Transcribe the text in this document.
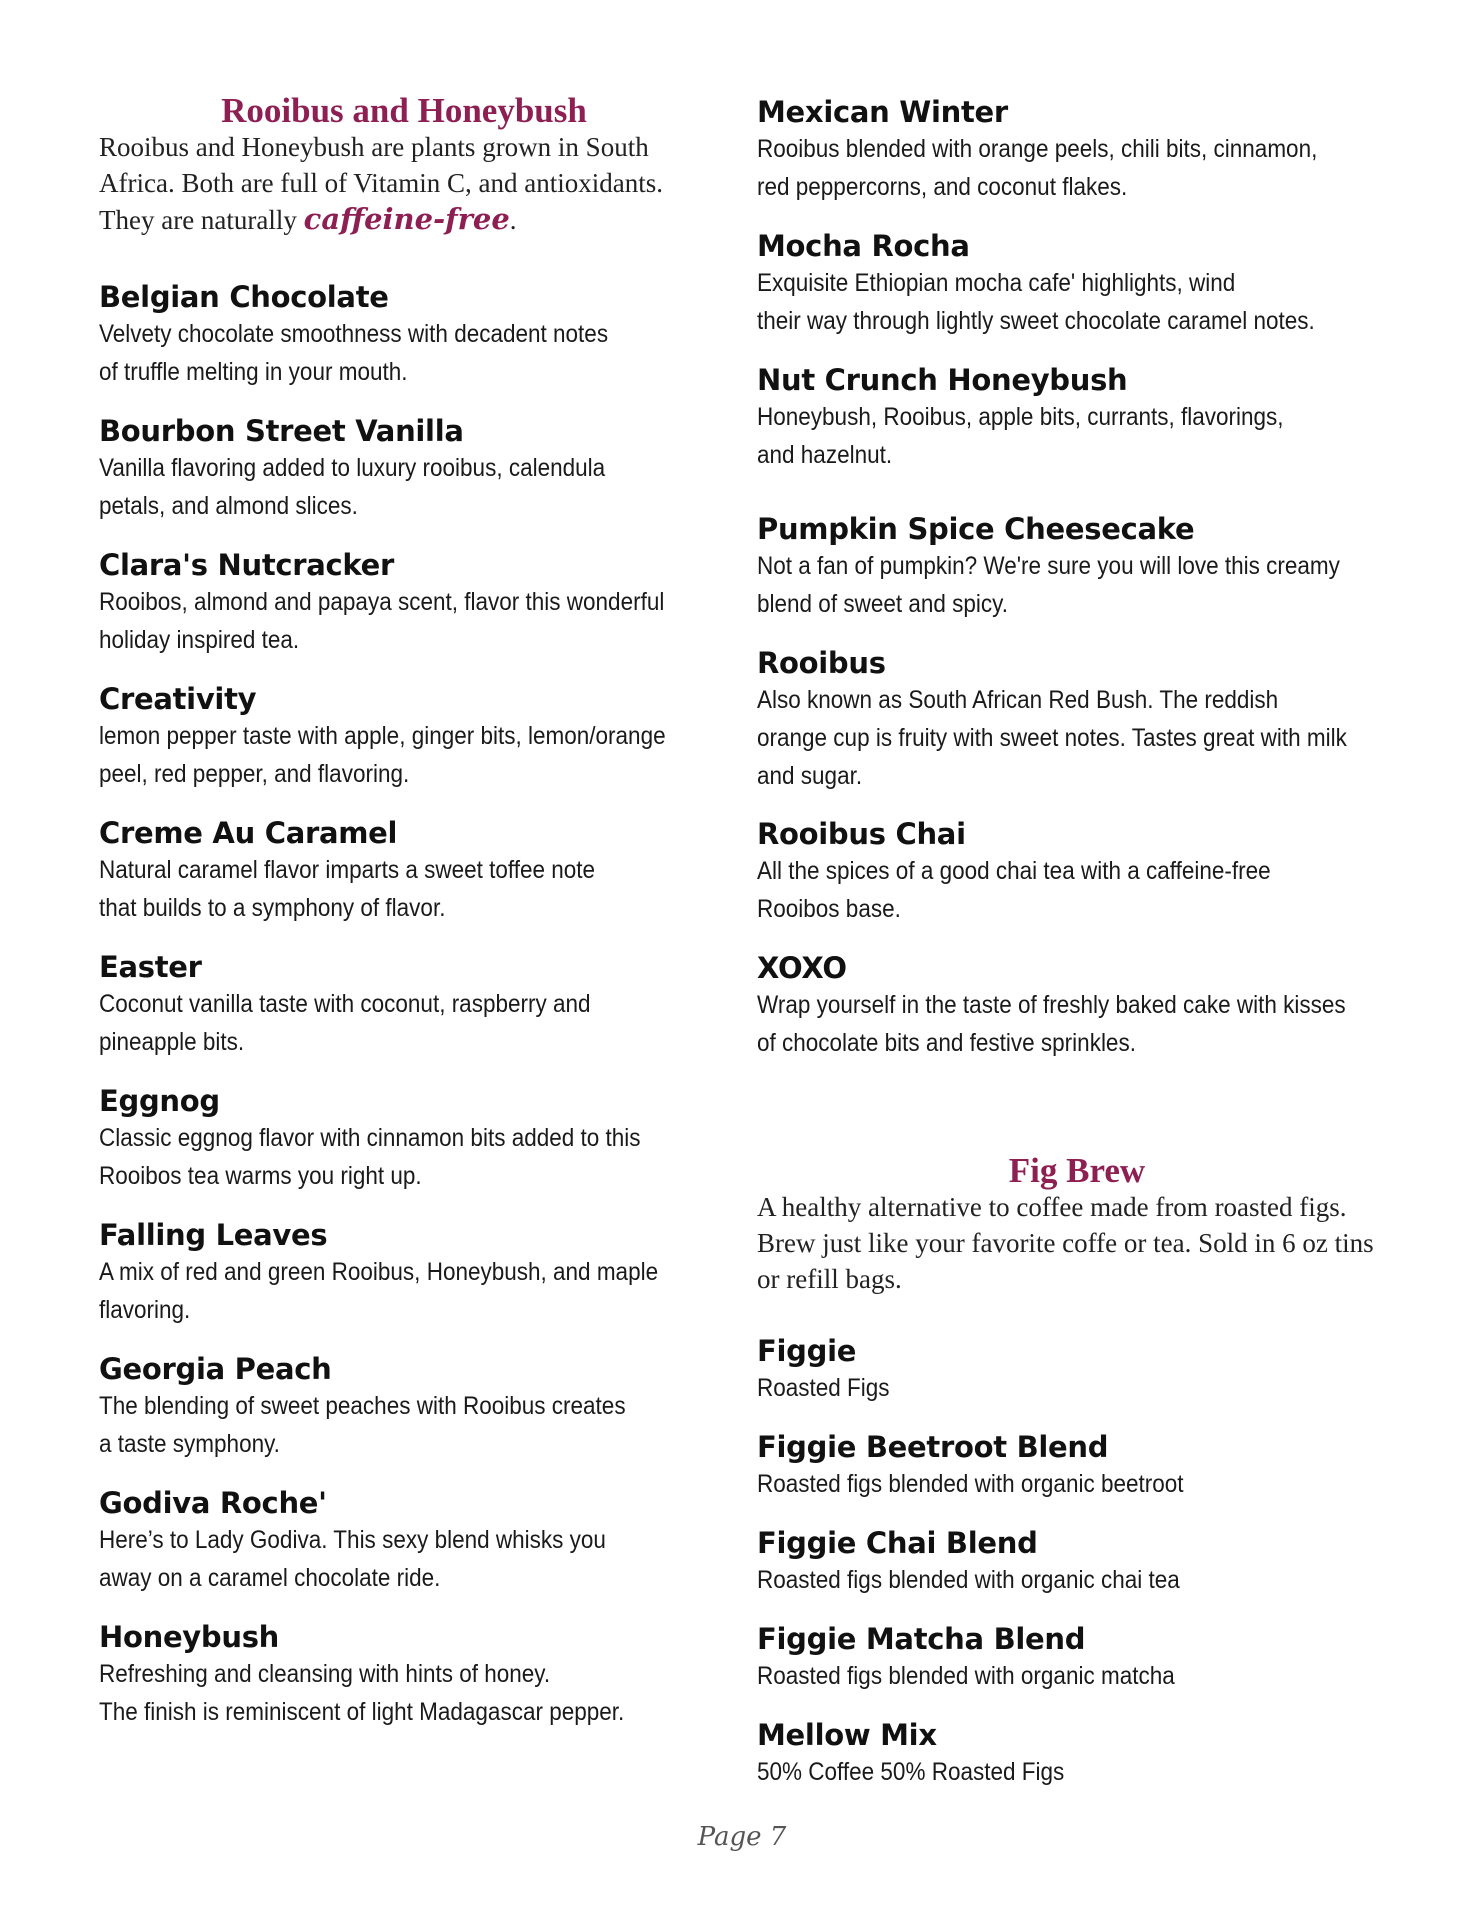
Rooibus and Honeybush

Rooibus and Honeybush are plants grown in South Africa. Both are full of Vitamin C, and antioxidants. They are naturally caffeine-free.

Belgian Chocolate
Velvety chocolate smoothness with decadent notes
of truffle melting in your mouth.
Bourbon Street Vanilla
Vanilla flavoring added to luxury rooibus, calendula
petals, and almond slices.
Clara's Nutcracker
Rooibos, almond and papaya scent, flavor this wonderful
holiday inspired tea.
Creativity
lemon pepper taste with apple, ginger bits, lemon/orange
peel, red pepper, and flavoring.
Creme Au Caramel
Natural caramel flavor imparts a sweet toffee note
that builds to a symphony of flavor.
Easter
Coconut vanilla taste with coconut, raspberry and
pineapple bits.
Eggnog
Classic eggnog flavor with cinnamon bits added to this
Rooibos tea warms you right up.
Falling Leaves
A mix of red and green Rooibus, Honeybush, and maple
flavoring.
Georgia Peach
The blending of sweet peaches with Rooibus creates
a taste symphony.
Godiva Roche'
Here’s to Lady Godiva. This sexy blend whisks you
away on a caramel chocolate ride.
Honeybush
Refreshing and cleansing with hints of honey.
The finish is reminiscent of light Madagascar pepper.
Mexican Winter
Rooibus blended with orange peels, chili bits, cinnamon,
red peppercorns, and coconut flakes.
Mocha Rocha
Exquisite Ethiopian mocha cafe' highlights, wind
their way through lightly sweet chocolate caramel notes.
Nut Crunch Honeybush
Honeybush, Rooibus, apple bits, currants, flavorings,
and hazelnut.
Pumpkin Spice Cheesecake
Not a fan of pumpkin? We're sure you will love this creamy
blend of sweet and spicy.
Rooibus
Also known as South African Red Bush. The reddish
orange cup is fruity with sweet notes. Tastes great with milk
and sugar.
Rooibus Chai
All the spices of a good chai tea with a caffeine-free
Rooibos base.
XOXO
Wrap yourself in the taste of freshly baked cake with kisses
of chocolate bits and festive sprinkles.
Fig Brew

A healthy alternative to coffee made from roasted figs. Brew just like your favorite coffe or tea. Sold in 6 oz tins or refill bags.

Figgie
Roasted Figs
Figgie Beetroot Blend
Roasted figs blended with organic beetroot
Figgie Chai Blend
Roasted figs blended with organic chai tea
Figgie Matcha Blend
Roasted figs blended with organic matcha
Mellow Mix
50% Coffee 50% Roasted Figs
Page 7
